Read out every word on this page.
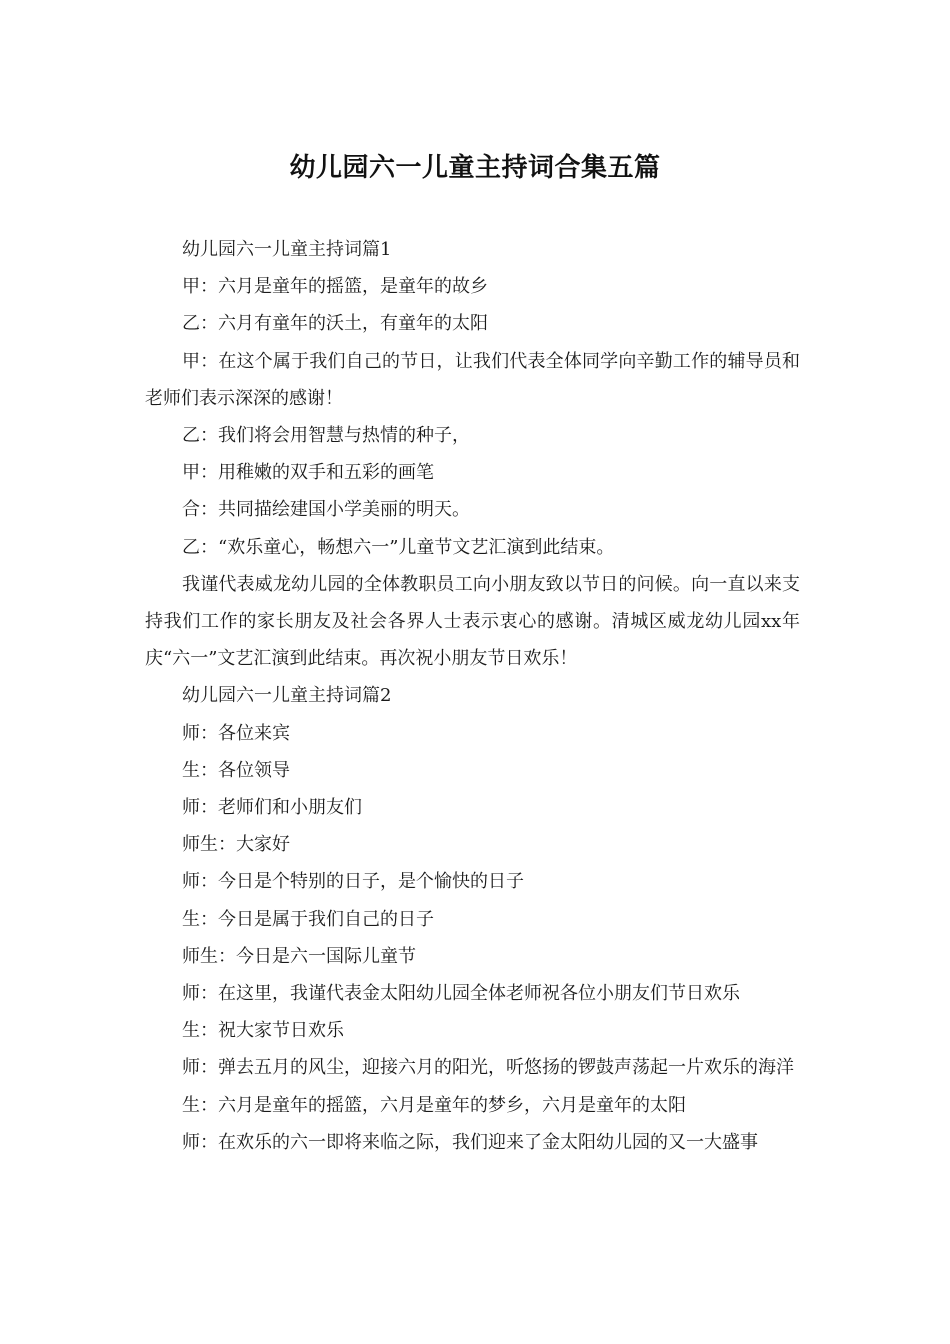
幼儿园六一儿童主持词合集五篇

幼儿园六一儿童主持词篇1

甲：六月是童年的摇篮，是童年的故乡

乙：六月有童年的沃土，有童年的太阳

甲：在这个属于我们自己的节日，让我们代表全体同学向辛勤工作的辅导员和老师们表示深深的感谢！

乙：我们将会用智慧与热情的种子，

甲：用稚嫩的双手和五彩的画笔

合：共同描绘建国小学美丽的明天。

乙：“欢乐童心，畅想六一”儿童节文艺汇演到此结束。

我谨代表威龙幼儿园的全体教职员工向小朋友致以节日的问候。向一直以来支持我们工作的家长朋友及社会各界人士表示衷心的感谢。清城区威龙幼儿园xx年庆“六一”文艺汇演到此结束。再次祝小朋友节日欢乐！

幼儿园六一儿童主持词篇2

师：各位来宾

生：各位领导

师：老师们和小朋友们

师生：大家好

师：今日是个特别的日子，是个愉快的日子

生：今日是属于我们自己的日子

师生：今日是六一国际儿童节

师：在这里，我谨代表金太阳幼儿园全体老师祝各位小朋友们节日欢乐

生：祝大家节日欢乐

师：弹去五月的风尘，迎接六月的阳光，听悠扬的锣鼓声荡起一片欢乐的海洋

生：六月是童年的摇篮，六月是童年的梦乡，六月是童年的太阳

师：在欢乐的六一即将来临之际，我们迎来了金太阳幼儿园的又一大盛事
